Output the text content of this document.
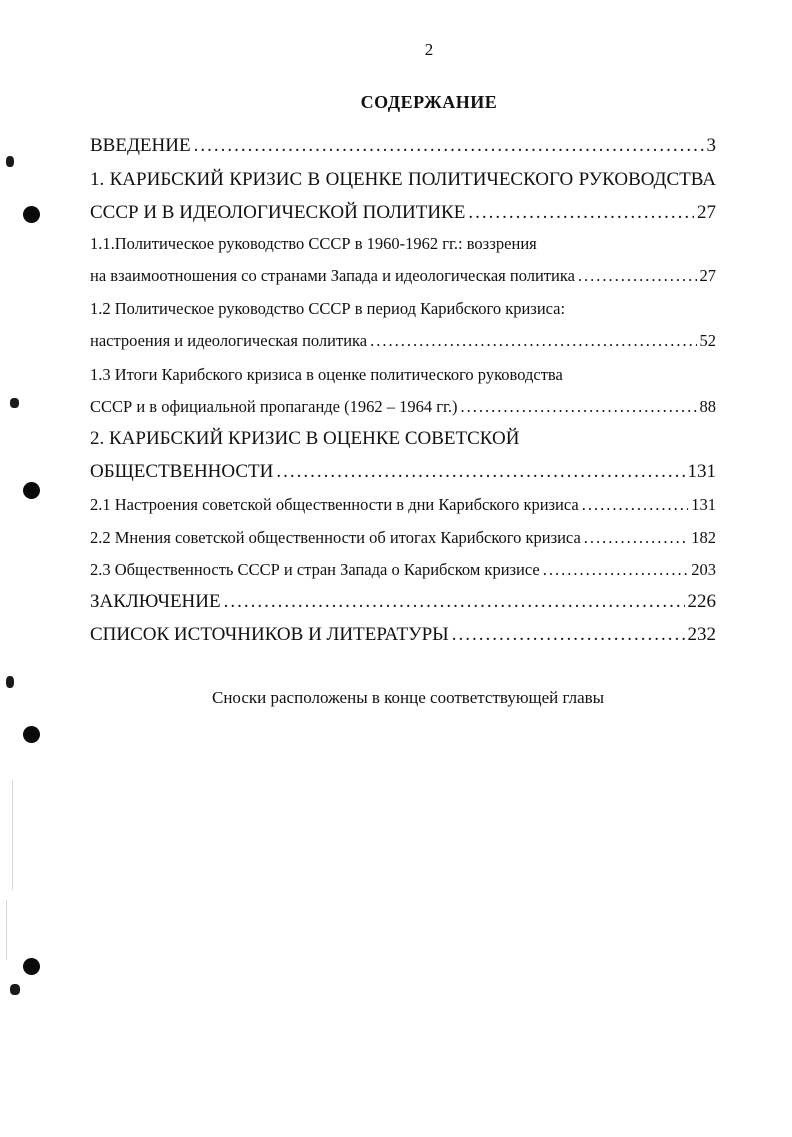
2
СОДЕРЖАНИЕ
ВВЕДЕНИЕ .....	3
1. КАРИБСКИЙ КРИЗИС В ОЦЕНКЕ ПОЛИТИЧЕСКОГО РУКОВОДСТВА
СССР И В ИДЕОЛОГИЧЕСКОЙ ПОЛИТИКЕ .....	27
1.1.Политическое руководство СССР в 1960-1962 гг.: воззрения
на взаимоотношения со странами Запада и идеологическая политика .....	27
1.2 Политическое руководство СССР в период Карибского кризиса:
настроения и идеологическая политика .....	52
1.3 Итоги Карибского кризиса в оценке политического руководства
СССР и в официальной пропаганде (1962 – 1964 гг.) .....	88
2. КАРИБСКИЙ КРИЗИС В ОЦЕНКЕ СОВЕТСКОЙ
ОБЩЕСТВЕННОСТИ .....	131
2.1 Настроения советской общественности в дни Карибского кризиса .....	131
2.2 Мнения советской общественности об итогах Карибского кризиса .....	182
2.3 Общественность СССР и стран Запада о Карибском кризисе .....	203
ЗАКЛЮЧЕНИЕ .....	226
СПИСОК ИСТОЧНИКОВ И ЛИТЕРАТУРЫ .....	232
Сноски расположены в конце соответствующей главы
